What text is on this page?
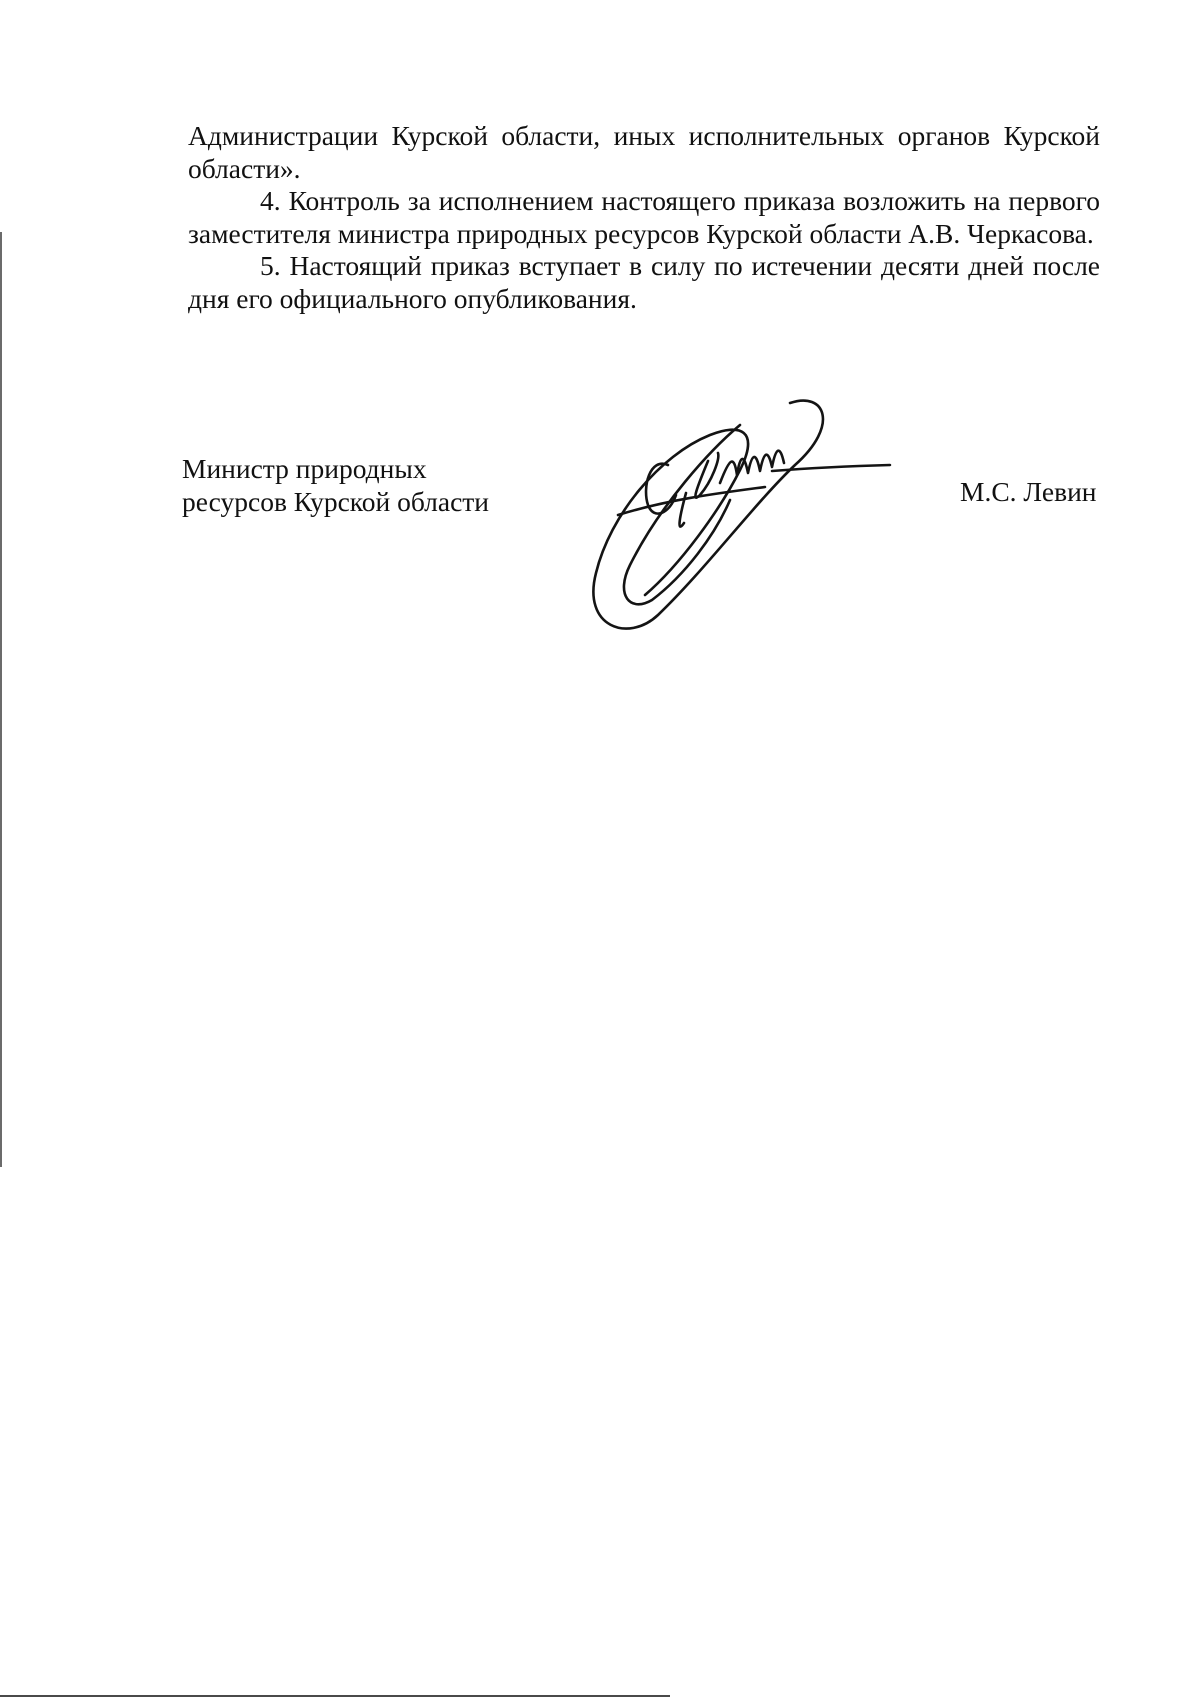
Администрации Курской области, иных исполнительных органов Курской области».

4. Контроль за исполнением настоящего приказа возложить на первого заместителя министра природных ресурсов Курской области А.В. Черкасова.

5. Настоящий приказ вступает в силу по истечении десяти дней после дня его официального опубликования.

Министр природных
ресурсов Курской области	М.С. Левин
